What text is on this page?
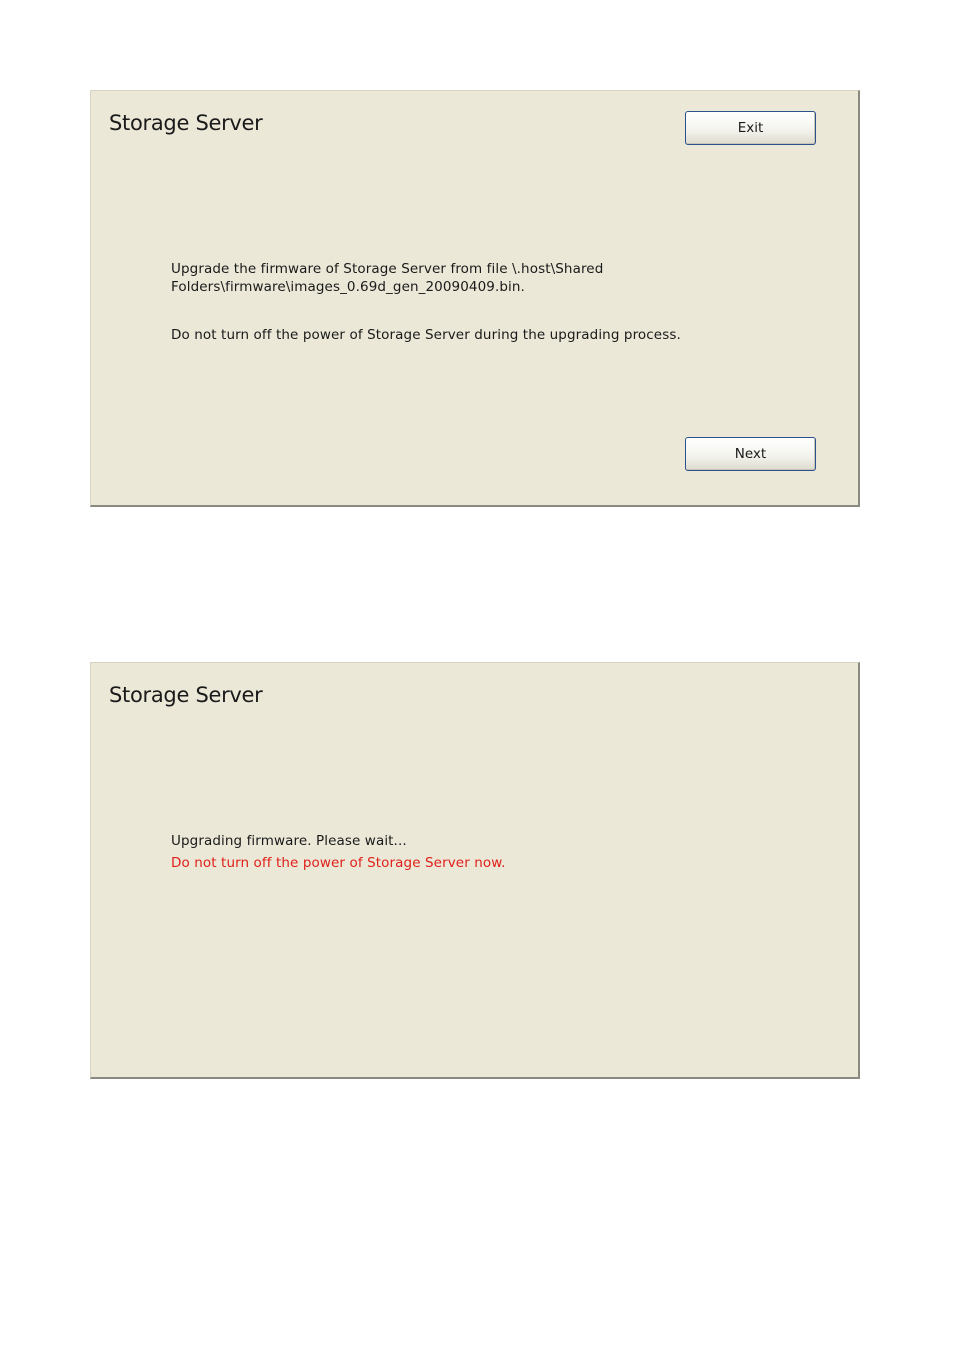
Storage Server	Exit
Upgrade the firmware of Storage Server from file \.host\Shared
Folders\firmware\images_0.69d_gen_20090409.bin.
Do not turn off the power of Storage Server during the upgrading process.
Next
Storage Server
Upgrading firmware. Please wait...
Do not turn off the power of Storage Server now.
